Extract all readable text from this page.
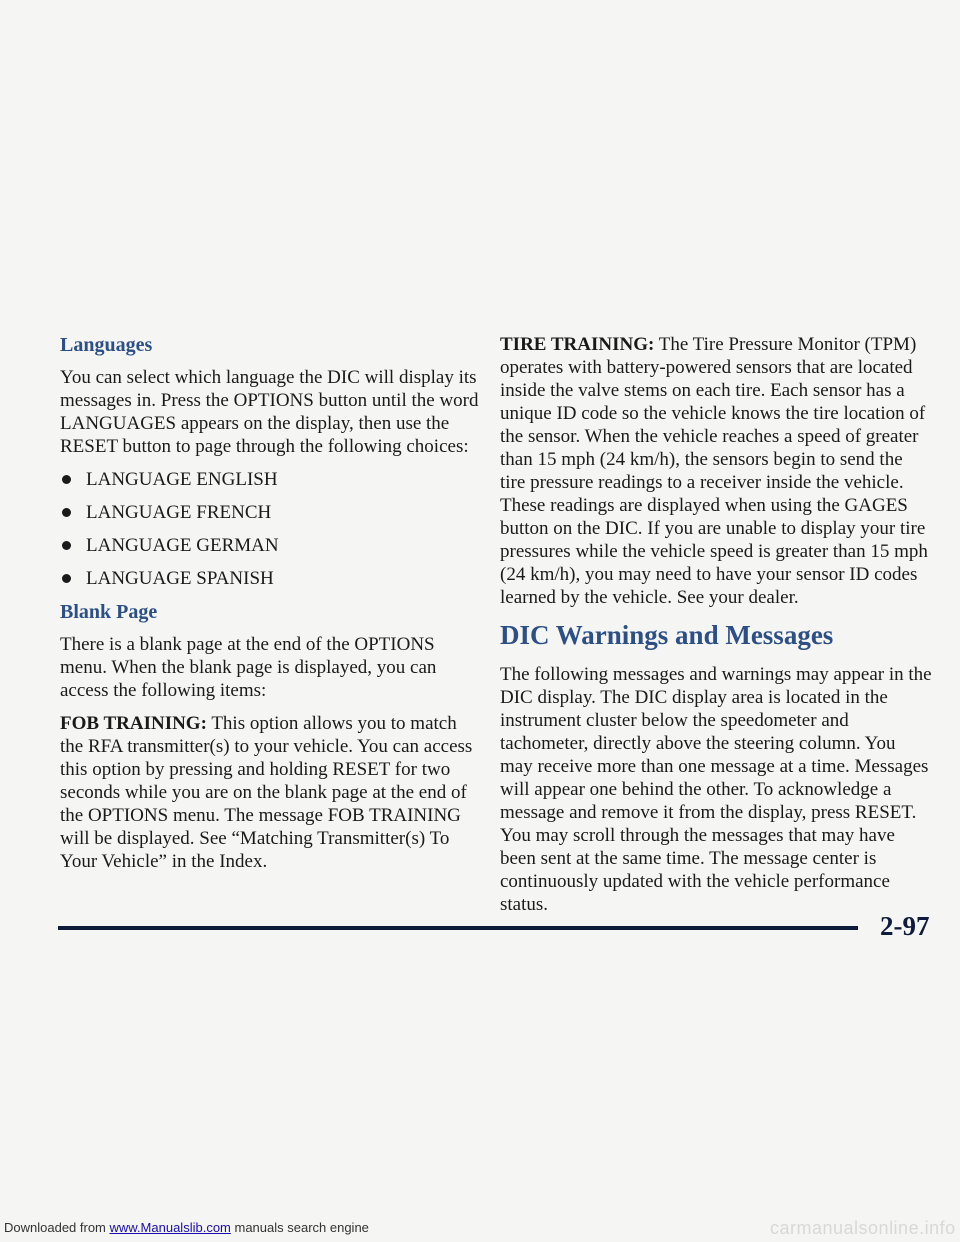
Languages

You can select which language the DIC will display its messages in. Press the OPTIONS button until the word LANGUAGES appears on the display, then use the RESET button to page through the following choices:

LANGUAGE ENGLISH
LANGUAGE FRENCH
LANGUAGE GERMAN
LANGUAGE SPANISH
Blank Page

There is a blank page at the end of the OPTIONS menu. When the blank page is displayed, you can access the following items:

FOB TRAINING: This option allows you to match the RFA transmitter(s) to your vehicle. You can access this option by pressing and holding RESET for two seconds while you are on the blank page at the end of the OPTIONS menu. The message FOB TRAINING will be displayed. See “Matching Transmitter(s) To Your Vehicle” in the Index.

TIRE TRAINING: The Tire Pressure Monitor (TPM) operates with battery-powered sensors that are located inside the valve stems on each tire. Each sensor has a unique ID code so the vehicle knows the tire location of the sensor. When the vehicle reaches a speed of greater than 15 mph (24 km/h), the sensors begin to send the tire pressure readings to a receiver inside the vehicle. These readings are displayed when using the GAGES button on the DIC. If you are unable to display your tire pressures while the vehicle speed is greater than 15 mph (24 km/h), you may need to have your sensor ID codes learned by the vehicle. See your dealer.

DIC Warnings and Messages

The following messages and warnings may appear in the DIC display. The DIC display area is located in the instrument cluster below the speedometer and tachometer, directly above the steering column. You may receive more than one message at a time. Messages will appear one behind the other. To acknowledge a message and remove it from the display, press RESET. You may scroll through the messages that may have been sent at the same time. The message center is continuously updated with the vehicle performance status.

2-97
Downloaded from www.Manualslib.com manuals search engine	carmanualsonline.info
